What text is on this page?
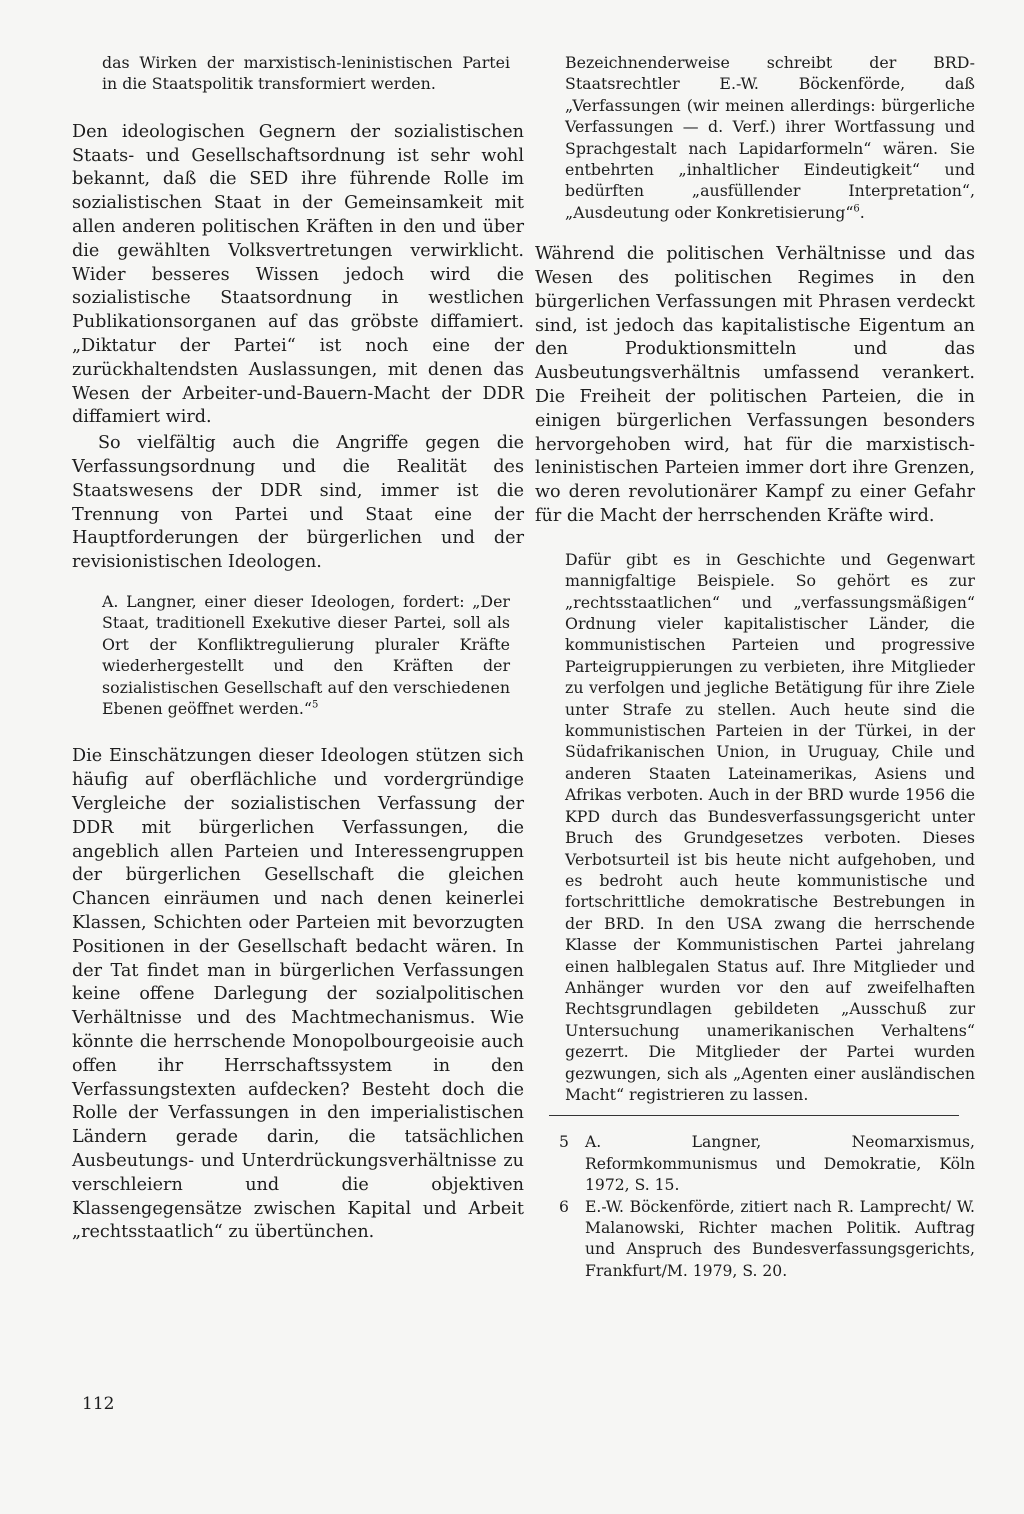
das Wirken der marxistisch-leninistischen Partei in die Staatspolitik transformiert werden.

Den ideologischen Gegnern der sozialistischen Staats- und Gesellschaftsordnung ist sehr wohl bekannt, daß die SED ihre führende Rolle im sozialistischen Staat in der Gemeinsamkeit mit allen anderen politischen Kräften in den und über die gewählten Volksvertretungen verwirklicht. Wider besseres Wissen jedoch wird die sozialistische Staatsordnung in westlichen Publikationsorganen auf das gröbste diffamiert. „Diktatur der Partei“ ist noch eine der zurückhaltendsten Auslassungen, mit denen das Wesen der Arbeiter-und-Bauern-Macht der DDR diffamiert wird.

So vielfältig auch die Angriffe gegen die Verfassungsordnung und die Realität des Staatswesens der DDR sind, immer ist die Trennung von Partei und Staat eine der Hauptforderungen der bürgerlichen und der revisionistischen Ideologen.

A. Langner, einer dieser Ideologen, fordert: „Der Staat, traditionell Exekutive dieser Partei, soll als Ort der Konfliktregulierung pluraler Kräfte wiederhergestellt und den Kräften der sozialistischen Gesellschaft auf den verschiedenen Ebenen geöffnet werden.“$^5$

Die Einschätzungen dieser Ideologen stützen sich häufig auf oberflächliche und vordergründige Vergleiche der sozialistischen Verfassung der DDR mit bürgerlichen Verfassungen, die angeblich allen Parteien und Interessengruppen der bürgerlichen Gesellschaft die gleichen Chancen einräumen und nach denen keinerlei Klassen, Schichten oder Parteien mit bevorzugten Positionen in der Gesellschaft bedacht wären. In der Tat findet man in bürgerlichen Verfassungen keine offene Darlegung der sozialpolitischen Verhältnisse und des Machtmechanismus. Wie könnte die herrschende Monopolbourgeoisie auch offen ihr Herrschaftssystem in den Verfassungstexten aufdecken? Besteht doch die Rolle der Verfassungen in den imperialistischen Ländern gerade darin, die tatsächlichen Ausbeutungs- und Unterdrückungsverhältnisse zu verschleiern und die objektiven Klassengegensätze zwischen Kapital und Arbeit „rechtsstaatlich“ zu übertünchen.

Bezeichnenderweise schreibt der BRD-Staatsrechtler E.-W. Böckenförde, daß „Verfassungen (wir meinen allerdings: bürgerliche Verfassungen — d. Verf.) ihrer Wortfassung und Sprachgestalt nach Lapidarformeln“ wären. Sie entbehrten „inhaltlicher Eindeutigkeit“ und bedürften „ausfüllender Interpretation“, „Ausdeutung oder Konkretisierung“$^6$.

Während die politischen Verhältnisse und das Wesen des politischen Regimes in den bürgerlichen Verfassungen mit Phrasen verdeckt sind, ist jedoch das kapitalistische Eigentum an den Produktionsmitteln und das Ausbeutungsverhältnis umfassend verankert. Die Freiheit der politischen Parteien, die in einigen bürgerlichen Verfassungen besonders hervorgehoben wird, hat für die marxistisch-leninistischen Parteien immer dort ihre Grenzen, wo deren revolutionärer Kampf zu einer Gefahr für die Macht der herrschenden Kräfte wird.

Dafür gibt es in Geschichte und Gegenwart mannigfaltige Beispiele. So gehört es zur „rechtsstaatlichen“ und „verfassungsmäßigen“ Ordnung vieler kapitalistischer Länder, die kommunistischen Parteien und progressive Parteigruppierungen zu verbieten, ihre Mitglieder zu verfolgen und jegliche Betätigung für ihre Ziele unter Strafe zu stellen. Auch heute sind die kommunistischen Parteien in der Türkei, in der Südafrikanischen Union, in Uruguay, Chile und anderen Staaten Lateinamerikas, Asiens und Afrikas verboten. Auch in der BRD wurde 1956 die KPD durch das Bundesverfassungsgericht unter Bruch des Grundgesetzes verboten. Dieses Verbotsurteil ist bis heute nicht aufgehoben, und es bedroht auch heute kommunistische und fortschrittliche demokratische Bestrebungen in der BRD. In den USA zwang die herrschende Klasse der Kommunistischen Partei jahrelang einen halblegalen Status auf. Ihre Mitglieder und Anhänger wurden vor den auf zweifelhaften Rechtsgrundlagen gebildeten „Ausschuß zur Untersuchung unamerikanischen Verhaltens“ gezerrt. Die Mitglieder der Partei wurden gezwungen, sich als „Agenten einer ausländischen Macht“ registrieren zu lassen.

5	A. Langner, Neomarxismus, Reformkommunismus und Demokratie, Köln 1972, S. 15.
6	E.-W. Böckenförde, zitiert nach R. Lamprecht/ W. Malanowski, Richter machen Politik. Auftrag und Anspruch des Bundesverfassungsgerichts, Frankfurt/M. 1979, S. 20.
112
